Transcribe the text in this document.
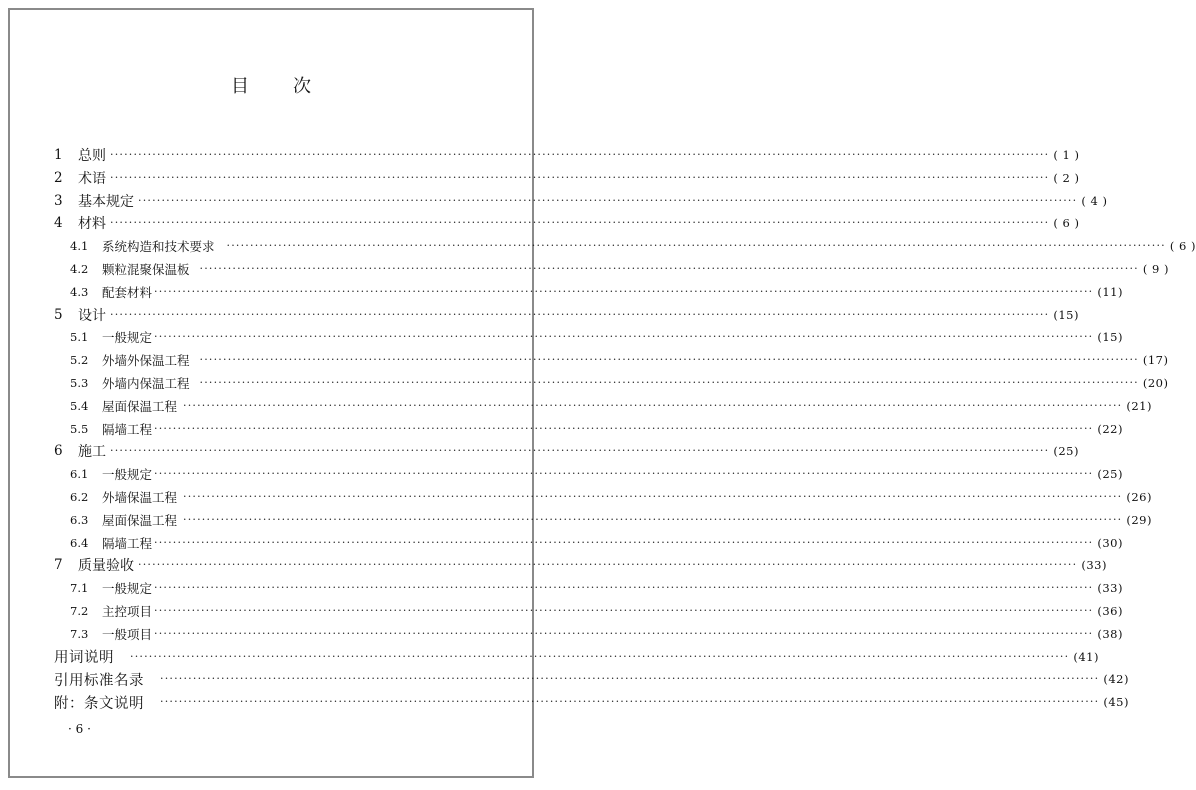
目 次
1	总则 ········································································································································································································ ( 1 )
2	术语 ········································································································································································································ ( 2 )
3	基本规定 ········································································································································································································ ( 4 )
4	材料 ········································································································································································································ ( 6 )
4.1	系统构造和技术要求 ········································································································································································································ ( 6 )
4.2	颗粒混聚保温板 ········································································································································································································ ( 9 )
4.3	配套材料 ········································································································································································································ (11)
5	设计 ········································································································································································································ (15)
5.1	一般规定 ········································································································································································································ (15)
5.2	外墙外保温工程 ········································································································································································································ (17)
5.3	外墙内保温工程 ········································································································································································································ (20)
5.4	屋面保温工程 ········································································································································································································ (21)
5.5	隔墙工程 ········································································································································································································ (22)
6	施工 ········································································································································································································ (25)
6.1	一般规定 ········································································································································································································ (25)
6.2	外墙保温工程 ········································································································································································································ (26)
6.3	屋面保温工程 ········································································································································································································ (29)
6.4	隔墙工程 ········································································································································································································ (30)
7	质量验收 ········································································································································································································ (33)
7.1	一般规定 ········································································································································································································ (33)
7.2	主控项目 ········································································································································································································ (36)
7.3	一般项目 ········································································································································································································ (38)
用词说明 ········································································································································································································ (41)
引用标准名录 ········································································································································································································ (42)
附：条文说明 ········································································································································································································ (45)
· 6 ·
